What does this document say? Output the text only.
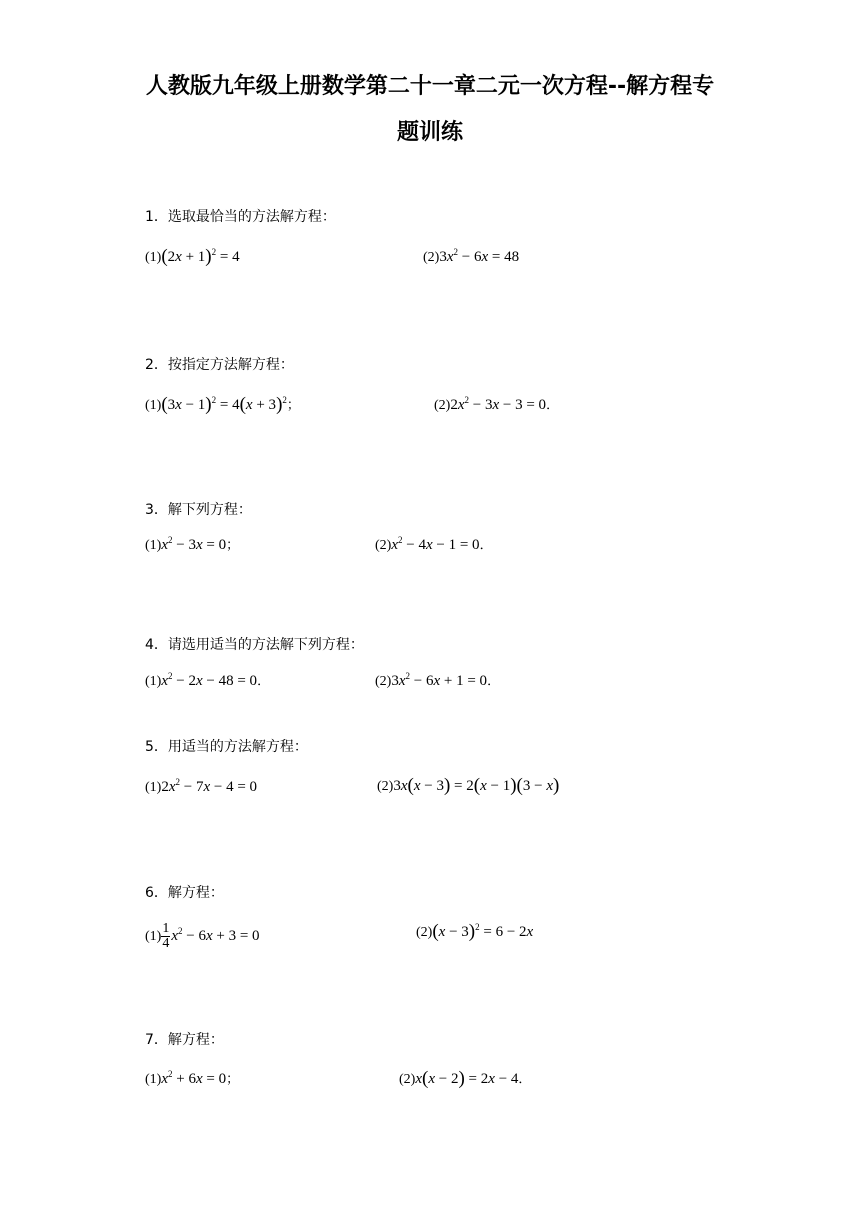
人教版九年级上册数学第二十一章二元一次方程--解方程专
题训练
1．选取最恰当的方法解方程：
$(1)(2x + 1)^2 = 4$	$(2)3x^2 - 6x = 48$
2．按指定方法解方程：
$(1)(3x - 1)^2 = 4(x + 3)^2$；	$(2)2x^2 - 3x - 3 = 0$．
3．解下列方程：
$(1)x^2 - 3x = 0$；	$(2)x^2 - 4x - 1 = 0$．
4．请选用适当的方法解下列方程：
$(1)x^2 - 2x - 48 = 0$．	$(2)3x^2 - 6x + 1 = 0$．
5．用适当的方法解方程：
$(1)2x^2 - 7x - 4 = 0$	(2)3x(x − 3) = 2(x − 1)(3 − x)
6．解方程：
$(1) \frac{1}{4} x^2 - 6x + 3 = 0$	$(2)(x - 3)^2 = 6 - 2x$
7．解方程：
$(1)x^2 + 6x = 0$；	(2)x(x − 2) = 2x − 4．
